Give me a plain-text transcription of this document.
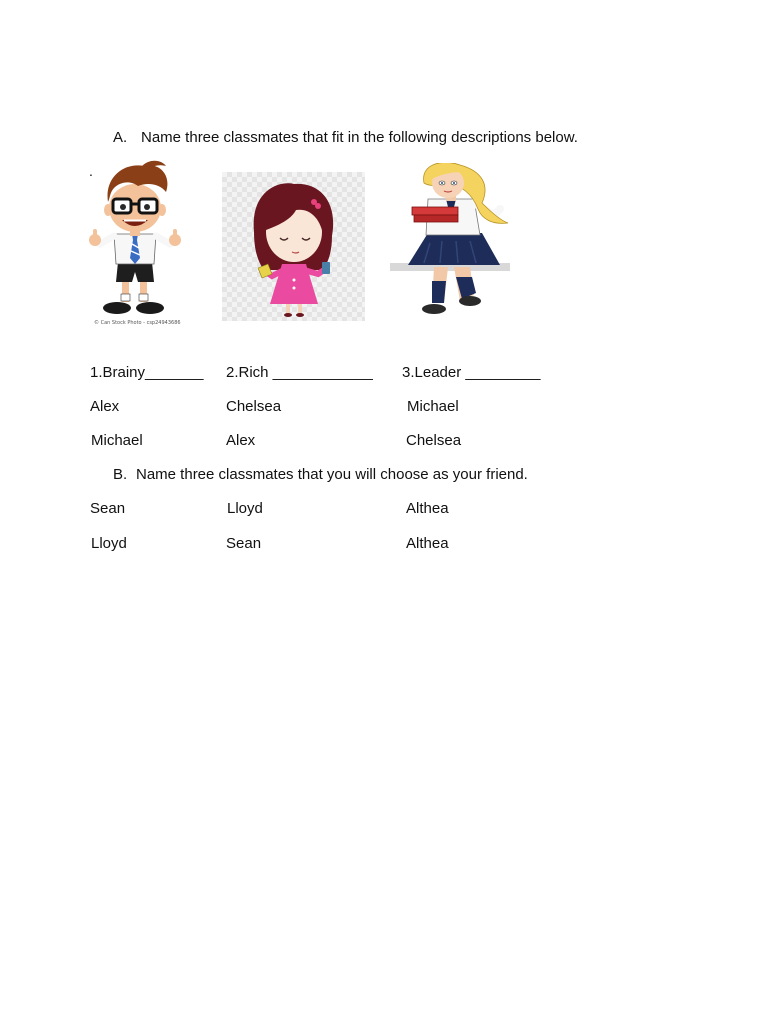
A. Name three classmates that fit in the following descriptions below.
.
© Can Stock Photo - csp24943686
1.Brainy_______ 2.Rich ____________ 3.Leader _________
Alex	Chelsea	Michael
Michael	Alex	Chelsea
B. Name three classmates that you will choose as your friend.
Sean	Lloyd	Althea
Lloyd	Sean	Althea
